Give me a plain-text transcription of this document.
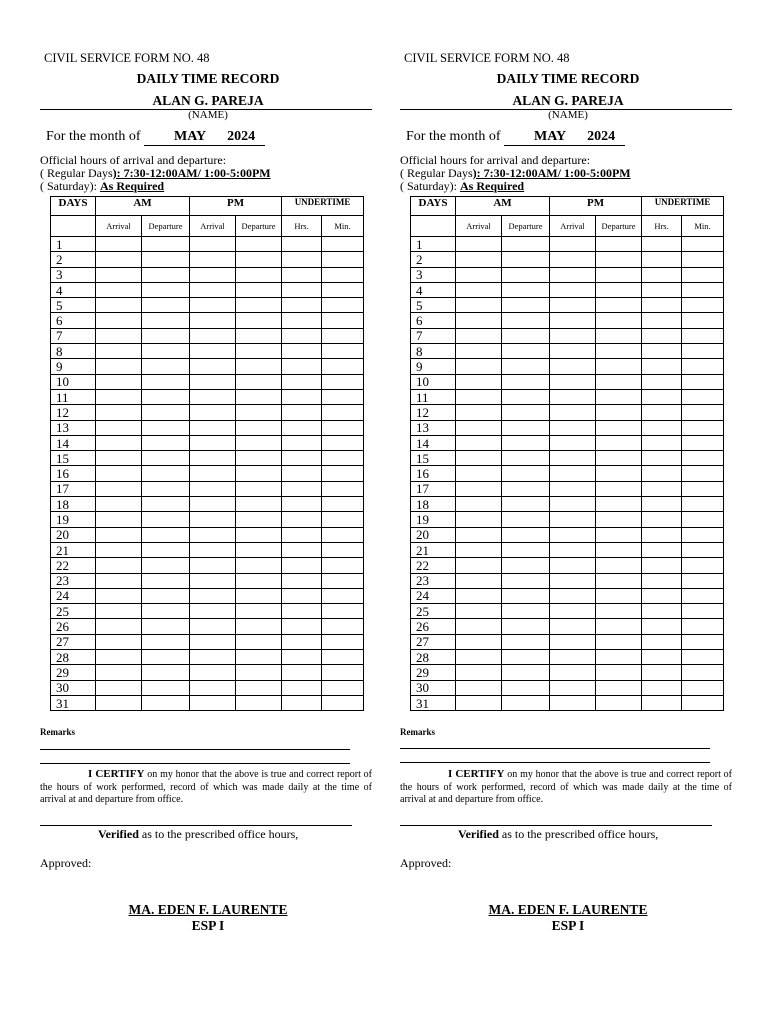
CIVIL SERVICE FORM NO. 48
DAILY TIME RECORD
ALAN G. PAREJA
(NAME)
For the month of MAY 2024
Official hours of arrival and departure:
( Regular Days): 7:30-12:00AM/ 1:00-5:00PM
( Saturday): As Required
DAYS	AM		PM		UNDERTIME	
	Arrival	Departure	Arrival	Departure	Hrs.	Min.
1						
2						
3						
4						
5						
6						
7						
8						
9						
10						
11						
12						
13						
14						
15						
16						
17						
18						
19						
20						
21						
22						
23						
24						
25						
26						
27						
28						
29						
30						
31						
Remarks
I CERTIFY on my honor that the above is true and correct report of the hours of work performed, record of which was made daily at the time of arrival at and departure from office.
Verified as to the prescribed office hours,
Approved:
MA. EDEN F. LAURENTE
ESP I
CIVIL SERVICE FORM NO. 48
DAILY TIME RECORD
ALAN G. PAREJA
(NAME)
For the month of MAY 2024
Official hours for arrival and departure:
( Regular Days): 7:30-12:00AM/ 1:00-5:00PM
( Saturday): As Required
DAYS	AM		PM		UNDERTIME	
	Arrival	Departure	Arrival	Departure	Hrs.	Min.
1						
2						
3						
4						
5						
6						
7						
8						
9						
10						
11						
12						
13						
14						
15						
16						
17						
18						
19						
20						
21						
22						
23						
24						
25						
26						
27						
28						
29						
30						
31						
Remarks
I CERTIFY on my honor that the above is true and correct report of the hours of work performed, record of which was made daily at the time of arrival at and departure from office.
Verified as to the prescribed office hours,
Approved:
MA. EDEN F. LAURENTE
ESP I
